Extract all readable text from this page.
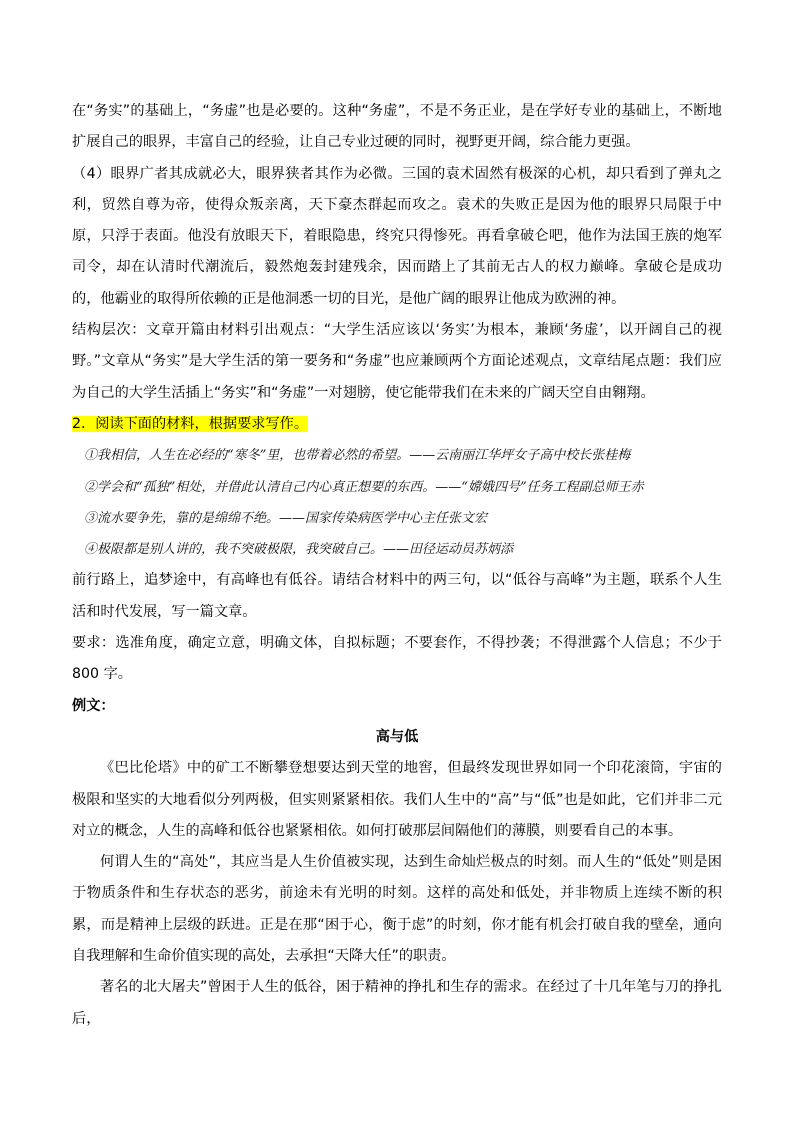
在“务实”的基础上，“务虚”也是必要的。这种“务虚”，不是不务正业，是在学好专业的基础上，不断地扩展自己的眼界，丰富自己的经验，让自己专业过硬的同时，视野更开阔，综合能力更强。

（4）眼界广者其成就必大，眼界狭者其作为必微。三国的袁术固然有极深的心机，却只看到了弹丸之利，贸然自尊为帝，使得众叛亲离，天下豪杰群起而攻之。袁术的失败正是因为他的眼界只局限于中原，只浮于表面。他没有放眼天下，着眼隐患，终究只得惨死。再看拿破仑吧，他作为法国王族的炮军司令，却在认清时代潮流后，毅然炮轰封建残余，因而踏上了其前无古人的权力巅峰。拿破仑是成功的，他霸业的取得所依赖的正是他洞悉一切的目光，是他广阔的眼界让他成为欧洲的神。

结构层次：文章开篇由材料引出观点：“大学生活应该以‘务实’为根本，兼顾‘务虚’，以开阔自己的视野。”文章从“务实”是大学生活的第一要务和“务虚”也应兼顾两个方面论述观点，文章结尾点题：我们应为自己的大学生活插上“务实”和“务虚”一对翅膀，使它能带我们在未来的广阔天空自由翱翔。

2．阅读下面的材料，根据要求写作。

①我相信，人生在必经的“寒冬”里，也带着必然的希望。——云南丽江华坪女子高中校长张桂梅

②学会和“孤独”相处，并借此认清自己内心真正想要的东西。——“嫦娥四号”任务工程副总师王赤

③流水要争先，靠的是绵绵不绝。——国家传染病医学中心主任张文宏

④极限都是别人讲的，我不突破极限，我突破自己。——田径运动员苏炳添

前行路上，追梦途中，有高峰也有低谷。请结合材料中的两三句，以“低谷与高峰”为主题，联系个人生活和时代发展，写一篇文章。

要求：选准角度，确定立意，明确文体，自拟标题；不要套作，不得抄袭；不得泄露个人信息；不少于 800 字。

例文：

高与低

《巴比伦塔》中的矿工不断攀登想要达到天堂的地窖，但最终发现世界如同一个印花滚筒，宇宙的极限和坚实的大地看似分列两极，但实则紧紧相依。我们人生中的“高”与“低”也是如此，它们并非二元对立的概念，人生的高峰和低谷也紧紧相依。如何打破那层间隔他们的薄膜，则要看自己的本事。

何谓人生的“高处”，其应当是人生价值被实现，达到生命灿烂极点的时刻。而人生的“低处”则是困于物质条件和生存状态的恶劣，前途未有光明的时刻。这样的高处和低处，并非物质上连续不断的积累，而是精神上层级的跃进。正是在那“困于心，衡于虑”的时刻，你才能有机会打破自我的壁垒，通向自我理解和生命价值实现的高处，去承担“天降大任”的职责。

著名的北大屠夫”曾困于人生的低谷，困于精神的挣扎和生存的需求。在经过了十几年笔与刀的挣扎后，
